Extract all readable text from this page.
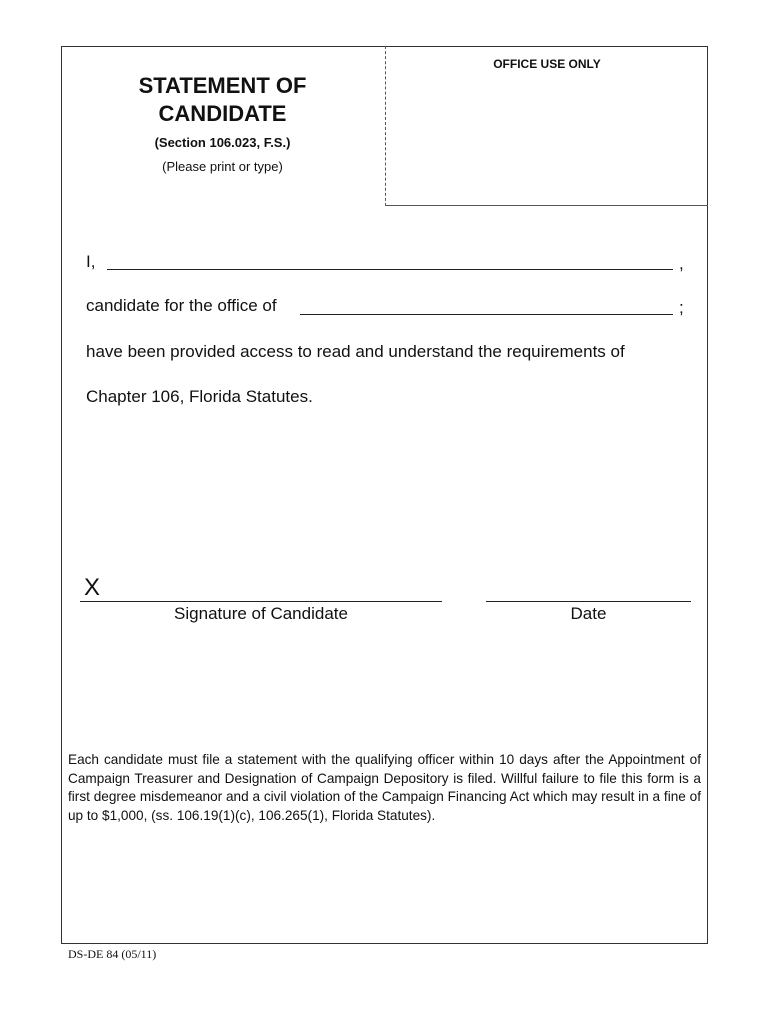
OFFICE USE ONLY
STATEMENT OF
CANDIDATE
(Section 106.023, F.S.)
(Please print or type)
I,	,
candidate for the office of	;
have been provided access to read and understand the requirements of
Chapter 106, Florida Statutes.
X
Signature of Candidate	Date
Each candidate must file a statement with the qualifying officer within 10 days after the Appointment of Campaign Treasurer and Designation of Campaign Depository is filed. Willful failure to file this form is a first degree misdemeanor and a civil violation of the Campaign Financing Act which may result in a fine of up to $1,000, (ss. 106.19(1)(c), 106.265(1), Florida Statutes).
DS-DE 84 (05/11)
